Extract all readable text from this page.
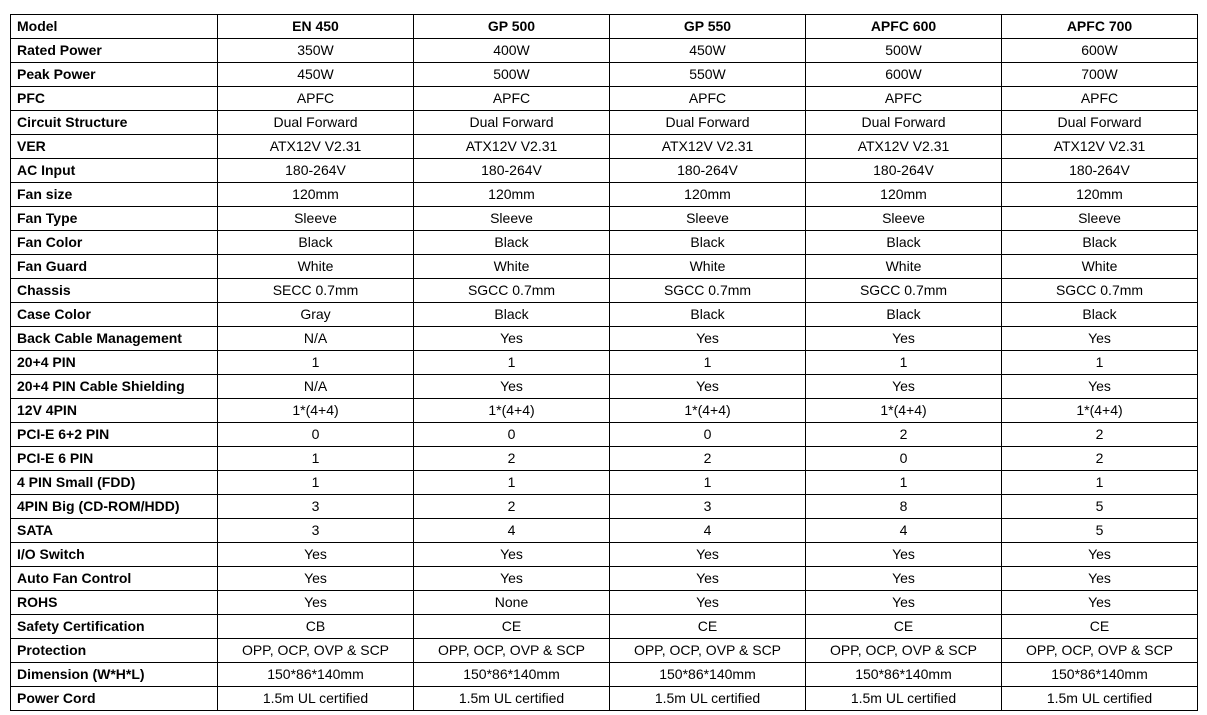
Model	EN 450	GP 500	GP 550	APFC 600	APFC 700
Rated Power	350W	400W	450W	500W	600W
Peak Power	450W	500W	550W	600W	700W
PFC	APFC	APFC	APFC	APFC	APFC
Circuit Structure	Dual Forward	Dual Forward	Dual Forward	Dual Forward	Dual Forward
VER	ATX12V V2.31	ATX12V V2.31	ATX12V V2.31	ATX12V V2.31	ATX12V V2.31
AC Input	180-264V	180-264V	180-264V	180-264V	180-264V
Fan size	120mm	120mm	120mm	120mm	120mm
Fan Type	Sleeve	Sleeve	Sleeve	Sleeve	Sleeve
Fan Color	Black	Black	Black	Black	Black
Fan Guard	White	White	White	White	White
Chassis	SECC 0.7mm	SGCC 0.7mm	SGCC 0.7mm	SGCC 0.7mm	SGCC 0.7mm
Case Color	Gray	Black	Black	Black	Black
Back Cable Management	N/A	Yes	Yes	Yes	Yes
20+4 PIN	1	1	1	1	1
20+4 PIN Cable Shielding	N/A	Yes	Yes	Yes	Yes
12V 4PIN	1*(4+4)	1*(4+4)	1*(4+4)	1*(4+4)	1*(4+4)
PCI-E 6+2 PIN	0	0	0	2	2
PCI-E 6 PIN	1	2	2	0	2
4 PIN Small (FDD)	1	1	1	1	1
4PIN Big (CD-ROM/HDD)	3	2	3	8	5
SATA	3	4	4	4	5
I/O Switch	Yes	Yes	Yes	Yes	Yes
Auto Fan Control	Yes	Yes	Yes	Yes	Yes
ROHS	Yes	None	Yes	Yes	Yes
Safety Certification	CB	CE	CE	CE	CE
Protection	OPP, OCP, OVP & SCP	OPP, OCP, OVP & SCP	OPP, OCP, OVP & SCP	OPP, OCP, OVP & SCP	OPP, OCP, OVP & SCP
Dimension (W*H*L)	150*86*140mm	150*86*140mm	150*86*140mm	150*86*140mm	150*86*140mm
Power Cord	1.5m UL certified	1.5m UL certified	1.5m UL certified	1.5m UL certified	1.5m UL certified
